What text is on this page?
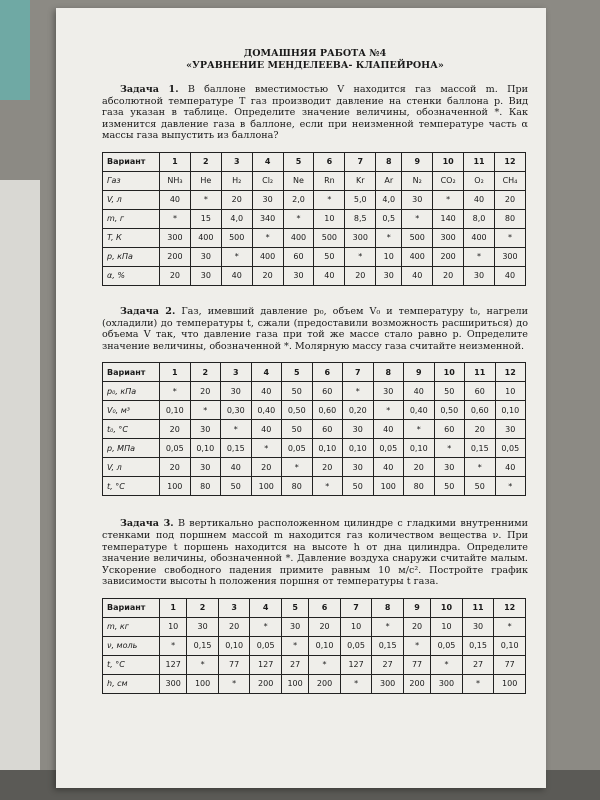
ДОМАШНЯЯ РАБОТА №4
«УРАВНЕНИЕ МЕНДЕЛЕЕВА- КЛАПЕЙРОНА»
Задача 1. В баллоне вместимостью V находится газ массой m. При абсолютной температуре T газ производит давление на стенки баллона p. Вид газа указан в таблице. Определите значение величины, обозначенной *. Как изменится давление газа в баллоне, если при неизменной температуре часть α массы газа выпустить из баллона?
Вариант	1	2	3	4	5	6	7	8	9	10	11	12
Газ	NH₃	He	H₂	Cl₂	Ne	Rn	Kr	Ar	N₂	CO₂	O₂	CH₄
V, л	40	*	20	30	2,0	*	5,0	4,0	30	*	40	20
m, г	*	15	4,0	340	*	10	8,5	0,5	*	140	8,0	80
T, К	300	400	500	*	400	500	300	*	500	300	400	*
p, кПа	200	30	*	400	60	50	*	10	400	200	*	300
α, %	20	30	40	20	30	40	20	30	40	20	30	40
Задача 2. Газ, имевший давление p₀, объем V₀ и температуру t₀, нагрели (охладили) до температуры t, сжали (предоставили возможность расшириться) до объема V так, что давление газа при той же массе стало равно p. Определите значение величины, обозначенной *. Молярную массу газа считайте неизменной.
Вариант	1	2	3	4	5	6	7	8	9	10	11	12
p₀, кПа	*	20	30	40	50	60	*	30	40	50	60	10
V₀, м³	0,10	*	0,30	0,40	0,50	0,60	0,20	*	0,40	0,50	0,60	0,10
t₀, °C	20	30	*	40	50	60	30	40	*	60	20	30
p, МПа	0,05	0,10	0,15	*	0,05	0,10	0,10	0,05	0,10	*	0,15	0,05
V, л	20	30	40	20	*	20	30	40	20	30	*	40
t, °C	100	80	50	100	80	*	50	100	80	50	50	*
Задача 3. В вертикально расположенном цилиндре с гладкими внутренними стенками под поршнем массой m находится газ количеством вещества ν. При температуре t поршень находится на высоте h от дна цилиндра. Определите значение величины, обозначенной *. Давление воздуха снаружи считайте малым. Ускорение свободного падения примите равным 10 м/с². Постройте график зависимости высоты h положения поршня от температуры t газа.
Вариант	1	2	3	4	5	6	7	8	9	10	11	12
m, кг	10	30	20	*	30	20	10	*	20	10	30	*
ν, моль	*	0,15	0,10	0,05	*	0,10	0,05	0,15	*	0,05	0,15	0,10
t, °C	127	*	77	127	27	*	127	27	77	*	27	77
h, см	300	100	*	200	100	200	*	300	200	300	*	100
